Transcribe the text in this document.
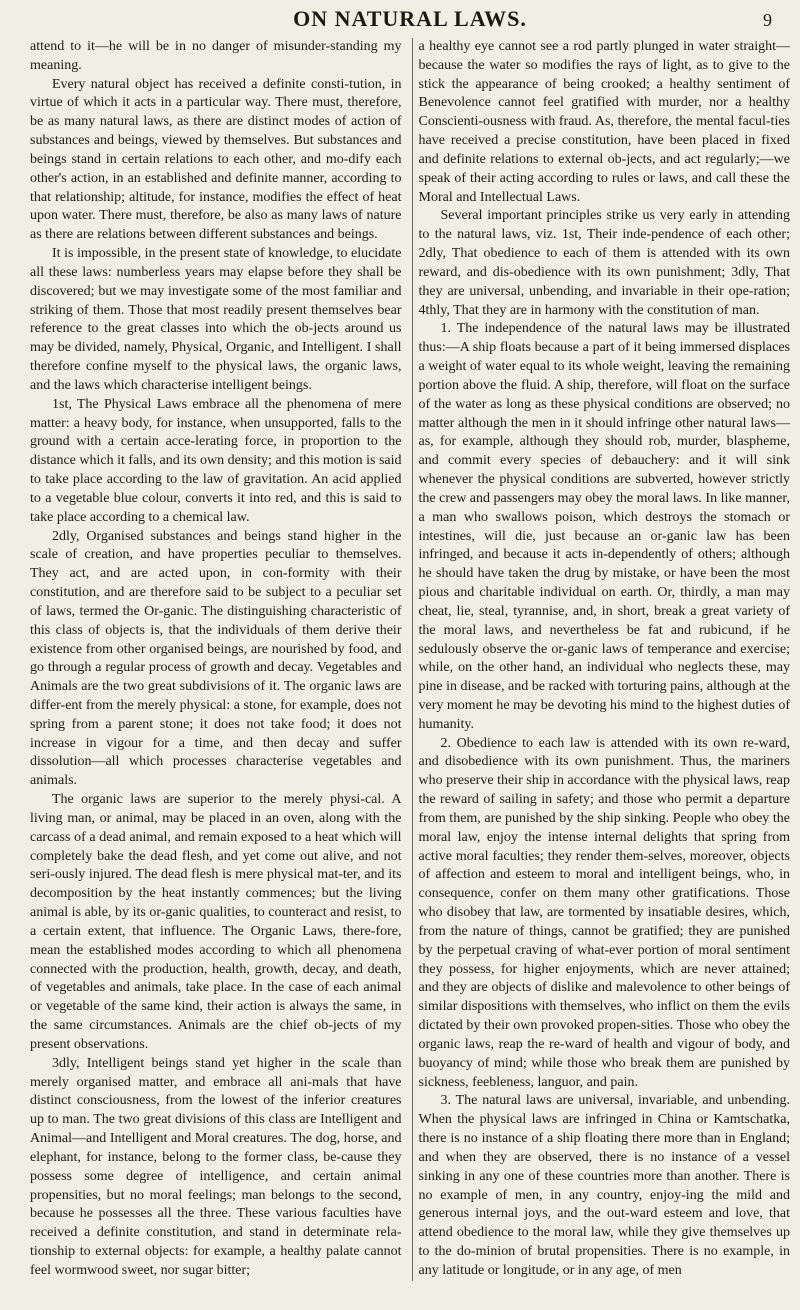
ON NATURAL LAWS.	9

attend to it—he will be in no danger of misunder-standing my meaning.

Every natural object has received a definite consti-tution, in virtue of which it acts in a particular way. There must, therefore, be as many natural laws, as there are distinct modes of action of substances and beings, viewed by themselves. But substances and beings stand in certain relations to each other, and mo-dify each other's action, in an established and definite manner, according to that relationship; altitude, for instance, modifies the effect of heat upon water. There must, therefore, be also as many laws of nature as there are relations between different substances and beings.

It is impossible, in the present state of knowledge, to elucidate all these laws: numberless years may elapse before they shall be discovered; but we may investigate some of the most familiar and striking of them. Those that most readily present themselves bear reference to the great classes into which the ob-jects around us may be divided, namely, Physical, Organic, and Intelligent. I shall therefore confine myself to the physical laws, the organic laws, and the laws which characterise intelligent beings.

1st, The Physical Laws embrace all the phenomena of mere matter: a heavy body, for instance, when unsupported, falls to the ground with a certain acce-lerating force, in proportion to the distance which it falls, and its own density; and this motion is said to take place according to the law of gravitation. An acid applied to a vegetable blue colour, converts it into red, and this is said to take place according to a chemical law.

2dly, Organised substances and beings stand higher in the scale of creation, and have properties peculiar to themselves. They act, and are acted upon, in con-formity with their constitution, and are therefore said to be subject to a peculiar set of laws, termed the Or-ganic. The distinguishing characteristic of this class of objects is, that the individuals of them derive their existence from other organised beings, are nourished by food, and go through a regular process of growth and decay. Vegetables and Animals are the two great subdivisions of it. The organic laws are differ-ent from the merely physical: a stone, for example, does not spring from a parent stone; it does not take food; it does not increase in vigour for a time, and then decay and suffer dissolution—all which processes characterise vegetables and animals.

The organic laws are superior to the merely physi-cal. A living man, or animal, may be placed in an oven, along with the carcass of a dead animal, and remain exposed to a heat which will completely bake the dead flesh, and yet come out alive, and not seri-ously injured. The dead flesh is mere physical mat-ter, and its decomposition by the heat instantly commences; but the living animal is able, by its or-ganic qualities, to counteract and resist, to a certain extent, that influence. The Organic Laws, there-fore, mean the established modes according to which all phenomena connected with the production, health, growth, decay, and death, of vegetables and animals, take place. In the case of each animal or vegetable of the same kind, their action is always the same, in the same circumstances. Animals are the chief ob-jects of my present observations.

3dly, Intelligent beings stand yet higher in the scale than merely organised matter, and embrace all ani-mals that have distinct consciousness, from the lowest of the inferior creatures up to man. The two great divisions of this class are Intelligent and Animal—and Intelligent and Moral creatures. The dog, horse, and elephant, for instance, belong to the former class, be-cause they possess some degree of intelligence, and certain animal propensities, but no moral feelings; man belongs to the second, because he possesses all the three. These various faculties have received a definite constitution, and stand in determinate rela-tionship to external objects: for example, a healthy palate cannot feel wormwood sweet, nor sugar bitter;

a healthy eye cannot see a rod partly plunged in water straight—because the water so modifies the rays of light, as to give to the stick the appearance of being crooked; a healthy sentiment of Benevolence cannot feel gratified with murder, nor a healthy Conscienti-ousness with fraud. As, therefore, the mental facul-ties have received a precise constitution, have been placed in fixed and definite relations to external ob-jects, and act regularly;—we speak of their acting according to rules or laws, and call these the Moral and Intellectual Laws.

Several important principles strike us very early in attending to the natural laws, viz. 1st, Their inde-pendence of each other; 2dly, That obedience to each of them is attended with its own reward, and dis-obedience with its own punishment; 3dly, That they are universal, unbending, and invariable in their ope-ration; 4thly, That they are in harmony with the constitution of man.

1. The independence of the natural laws may be illustrated thus:—A ship floats because a part of it being immersed displaces a weight of water equal to its whole weight, leaving the remaining portion above the fluid. A ship, therefore, will float on the surface of the water as long as these physical conditions are observed; no matter although the men in it should infringe other natural laws—as, for example, although they should rob, murder, blaspheme, and commit every species of debauchery: and it will sink whenever the physical conditions are subverted, however strictly the crew and passengers may obey the moral laws. In like manner, a man who swallows poison, which destroys the stomach or intestines, will die, just because an or-ganic law has been infringed, and because it acts in-dependently of others; although he should have taken the drug by mistake, or have been the most pious and charitable individual on earth. Or, thirdly, a man may cheat, lie, steal, tyrannise, and, in short, break a great variety of the moral laws, and nevertheless be fat and rubicund, if he sedulously observe the or-ganic laws of temperance and exercise; while, on the other hand, an individual who neglects these, may pine in disease, and be racked with torturing pains, although at the very moment he may be devoting his mind to the highest duties of humanity.

2. Obedience to each law is attended with its own re-ward, and disobedience with its own punishment. Thus, the mariners who preserve their ship in accordance with the physical laws, reap the reward of sailing in safety; and those who permit a departure from them, are punished by the ship sinking. People who obey the moral law, enjoy the intense internal delights that spring from active moral faculties; they render them-selves, moreover, objects of affection and esteem to moral and intelligent beings, who, in consequence, confer on them many other gratifications. Those who disobey that law, are tormented by insatiable desires, which, from the nature of things, cannot be gratified; they are punished by the perpetual craving of what-ever portion of moral sentiment they possess, for higher enjoyments, which are never attained; and they are objects of dislike and malevolence to other beings of similar dispositions with themselves, who inflict on them the evils dictated by their own provoked propen-sities. Those who obey the organic laws, reap the re-ward of health and vigour of body, and buoyancy of mind; while those who break them are punished by sickness, feebleness, languor, and pain.

3. The natural laws are universal, invariable, and unbending. When the physical laws are infringed in China or Kamtschatka, there is no instance of a ship floating there more than in England; and when they are observed, there is no instance of a vessel sinking in any one of these countries more than another. There is no example of men, in any country, enjoy-ing the mild and generous internal joys, and the out-ward esteem and love, that attend obedience to the moral law, while they give themselves up to the do-minion of brutal propensities. There is no example, in any latitude or longitude, or in any age, of men
